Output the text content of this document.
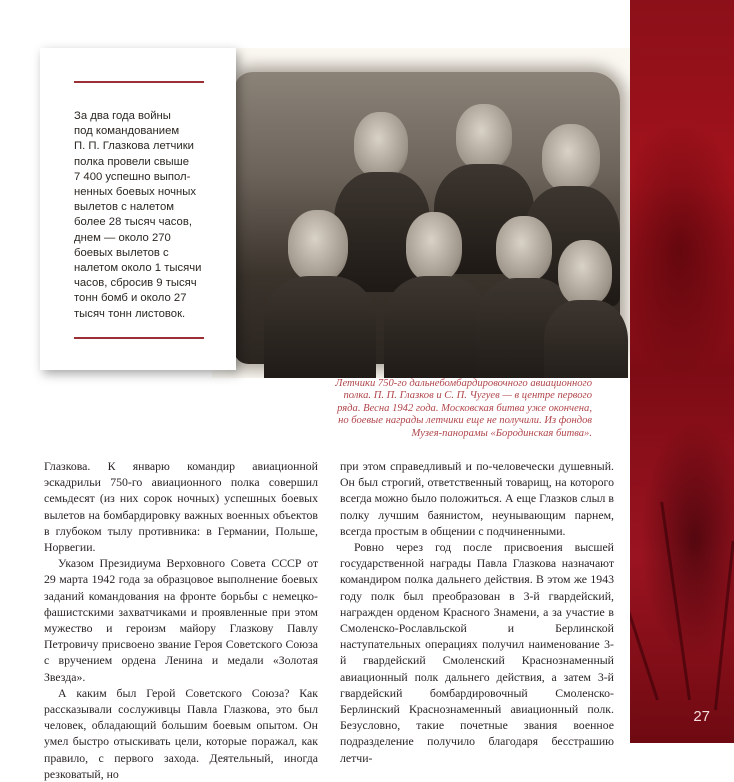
27
За два года войны
под командованием
П. П. Глазкова летчики
полка провели свыше
7 400 успешно выпол-
ненных боевых ночных
вылетов с налетом
более 28 тысяч часов,
днем — около 270
боевых вылетов с
налетом около 1 тысячи
часов, сбросив 9 тысяч
тонн бомб и около 27
тысяч тонн листовок.
Летчики 750-го дальнебомбардировочного авиационного
полка. П. П. Глазков и С. П. Чугуев — в центре первого
ряда. Весна 1942 года. Московская битва уже окончена,
но боевые награды летчики еще не получили. Из фондов
Музея-панорамы «Бородинская битва».

Глазкова. К январю командир авиационной эскадрильи 750-го авиационного полка совершил семьдесят (из них сорок ночных) успешных боевых вылетов на бомбардировку важных военных объектов в глубоком тылу противника: в Германии, Польше, Норвегии.

Указом Президиума Верховного Совета СССР от 29 марта 1942 года за образцовое выполнение боевых заданий командования на фронте борьбы с немецко-фашистскими захватчиками и проявленные при этом мужество и героизм майору Глазкову Павлу Петровичу присвоено звание Героя Советского Союза с вручением ордена Ленина и медали «Золотая Звезда».

А каким был Герой Советского Союза? Как рассказывали сослуживцы Павла Глазкова, это был человек, обладающий большим боевым опытом. Он умел быстро отыскивать цели, которые поражал, как правило, с первого захода. Деятельный, иногда резковатый, но

при этом справедливый и по-человечески душевный. Он был строгий, ответственный товарищ, на которого всегда можно было положиться. А еще Глазков слыл в полку лучшим баянистом, неунывающим парнем, всегда простым в общении с подчиненными.

Ровно через год после присвоения высшей государственной награды Павла Глазкова назначают командиром полка дальнего действия. В этом же 1943 году полк был преобразован в 3-й гвардейский, награжден орденом Красного Знамени, а за участие в Смоленско-Рославльской и Берлинской наступательных операциях получил наименование 3-й гвардейский Смоленский Краснознаменный авиационный полк дальнего действия, а затем 3-й гвардейский бомбардировочный Смоленско-Берлинский Краснознаменный авиационный полк. Безусловно, такие почетные звания военное подразделение получило благодаря бесстрашию летчи-
